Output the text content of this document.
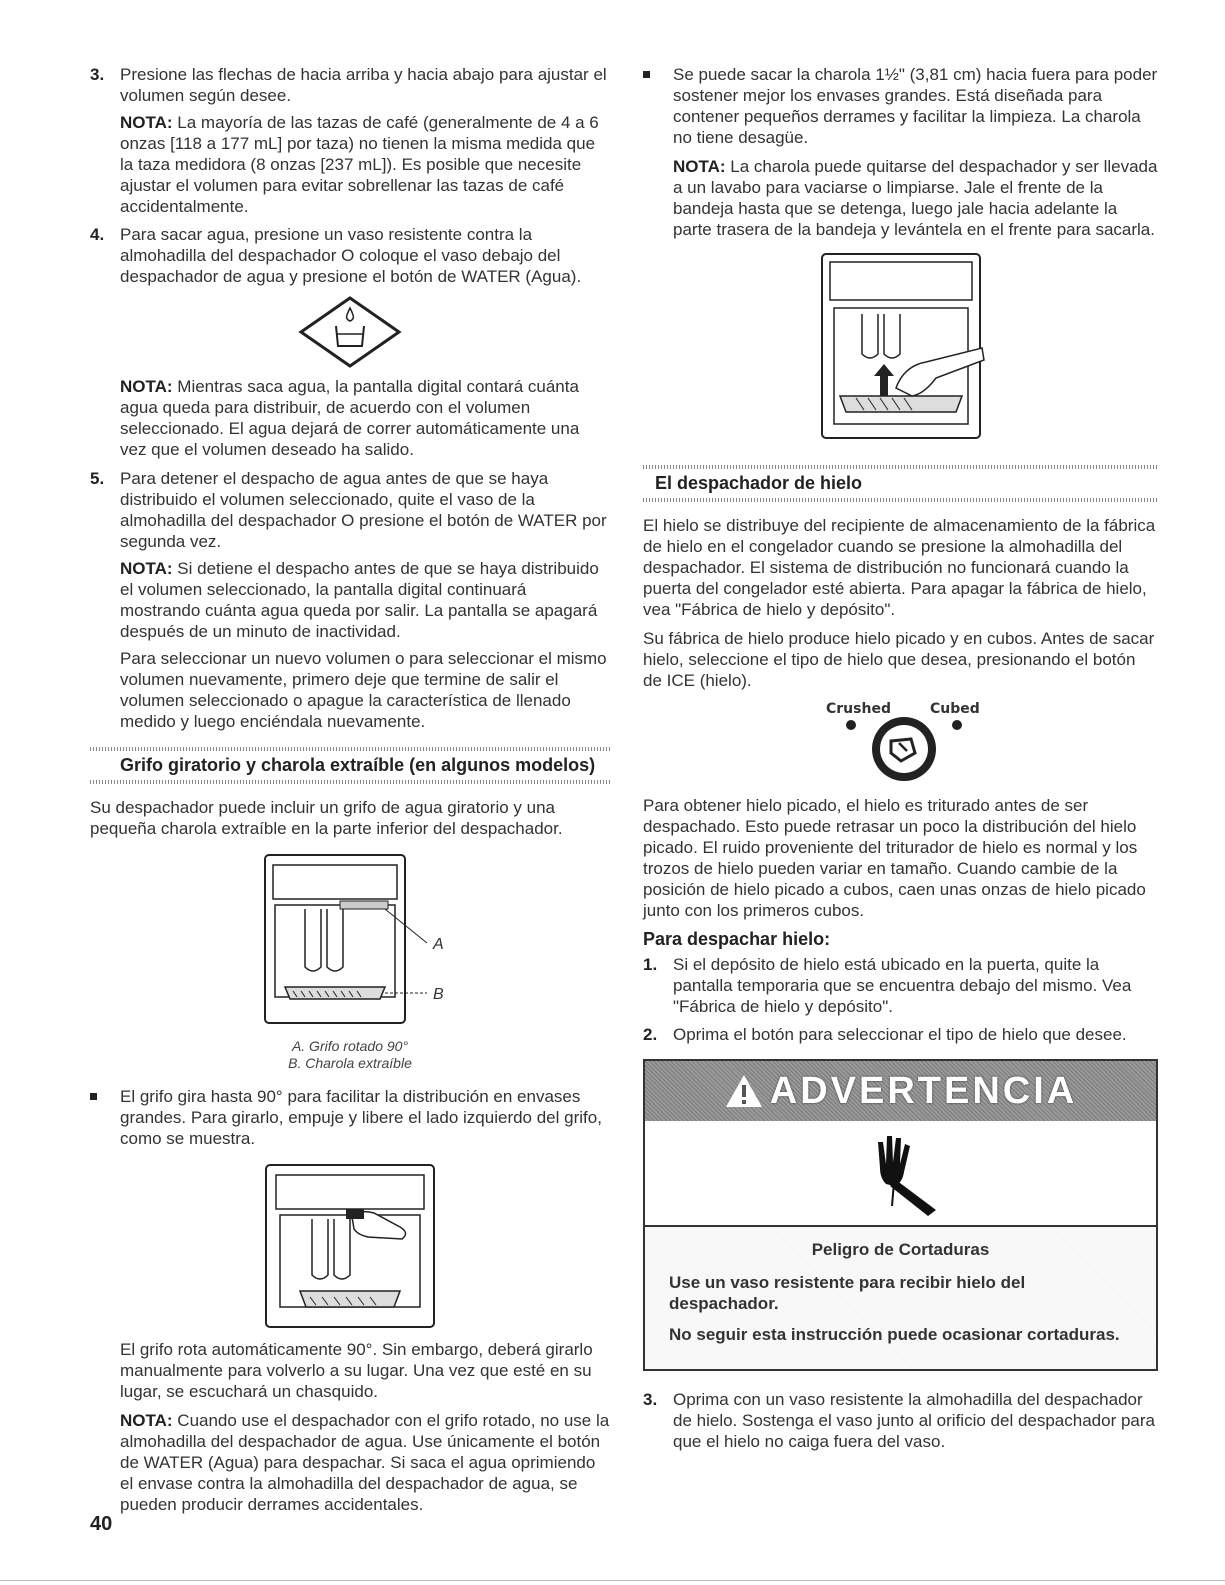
3. Presione las flechas de hacia arriba y hacia abajo para ajustar el volumen según desee.
NOTA: La mayoría de las tazas de café (generalmente de 4 a 6 onzas [118 a 177 mL] por taza) no tienen la misma medida que la taza medidora (8 onzas [237 mL]). Es posible que necesite ajustar el volumen para evitar sobrellenar las tazas de café accidentalmente.
4. Para sacar agua, presione un vaso resistente contra la almohadilla del despachador O coloque el vaso debajo del despachador de agua y presione el botón de WATER (Agua).
NOTA: Mientras saca agua, la pantalla digital contará cuánta agua queda para distribuir, de acuerdo con el volumen seleccionado. El agua dejará de correr automáticamente una vez que el volumen deseado ha salido.
5. Para detener el despacho de agua antes de que se haya distribuido el volumen seleccionado, quite el vaso de la almohadilla del despachador O presione el botón de WATER por segunda vez.
NOTA: Si detiene el despacho antes de que se haya distribuido el volumen seleccionado, la pantalla digital continuará mostrando cuánta agua queda por salir. La pantalla se apagará después de un minuto de inactividad.
Para seleccionar un nuevo volumen o para seleccionar el mismo volumen nuevamente, primero deje que termine de salir el volumen seleccionado o apague la característica de llenado medido y luego enciéndala nuevamente.
Grifo giratorio y charola extraíble (en algunos modelos)

Su despachador puede incluir un grifo de agua giratorio y una pequeña charola extraíble en la parte inferior del despachador.

A
B
A. Grifo rotado 90°
B. Charola extraíble
El grifo gira hasta 90° para facilitar la distribución en envases grandes. Para girarlo, empuje y libere el lado izquierdo del grifo, como se muestra.

El grifo rota automáticamente 90°. Sin embargo, deberá girarlo manualmente para volverlo a su lugar. Una vez que esté en su lugar, se escuchará un chasquido.

NOTA: Cuando use el despachador con el grifo rotado, no use la almohadilla del despachador de agua. Use únicamente el botón de WATER (Agua) para despachar. Si saca el agua oprimiendo el envase contra la almohadilla del despachador de agua, se pueden producir derrames accidentales.

Se puede sacar la charola 1½" (3,81 cm) hacia fuera para poder sostener mejor los envases grandes. Está diseñada para contener pequeños derrames y facilitar la limpieza. La charola no tiene desagüe.

NOTA: La charola puede quitarse del despachador y ser llevada a un lavabo para vaciarse o limpiarse. Jale el frente de la bandeja hasta que se detenga, luego jale hacia adelante la parte trasera de la bandeja y levántela en el frente para sacarla.

El despachador de hielo

El hielo se distribuye del recipiente de almacenamiento de la fábrica de hielo en el congelador cuando se presione la almohadilla del despachador. El sistema de distribución no funcionará cuando la puerta del congelador esté abierta. Para apagar la fábrica de hielo, vea "Fábrica de hielo y depósito".

Su fábrica de hielo produce hielo picado y en cubos. Antes de sacar hielo, seleccione el tipo de hielo que desea, presionando el botón de ICE (hielo).

Crushed	Cubed

Para obtener hielo picado, el hielo es triturado antes de ser despachado. Esto puede retrasar un poco la distribución del hielo picado. El ruido proveniente del triturador de hielo es normal y los trozos de hielo pueden variar en tamaño. Cuando cambie de la posición de hielo picado a cubos, caen unas onzas de hielo picado junto con los primeros cubos.

Para despachar hielo:
1. Si el depósito de hielo está ubicado en la puerta, quite la pantalla temporaria que se encuentra debajo del mismo. Vea "Fábrica de hielo y depósito".
2. Oprima el botón para seleccionar el tipo de hielo que desee.
ADVERTENCIA
Peligro de Cortaduras

Use un vaso resistente para recibir hielo del despachador.

No seguir esta instrucción puede ocasionar cortaduras.

3. Oprima con un vaso resistente la almohadilla del despachador de hielo. Sostenga el vaso junto al orificio del despachador para que el hielo no caiga fuera del vaso.
40
